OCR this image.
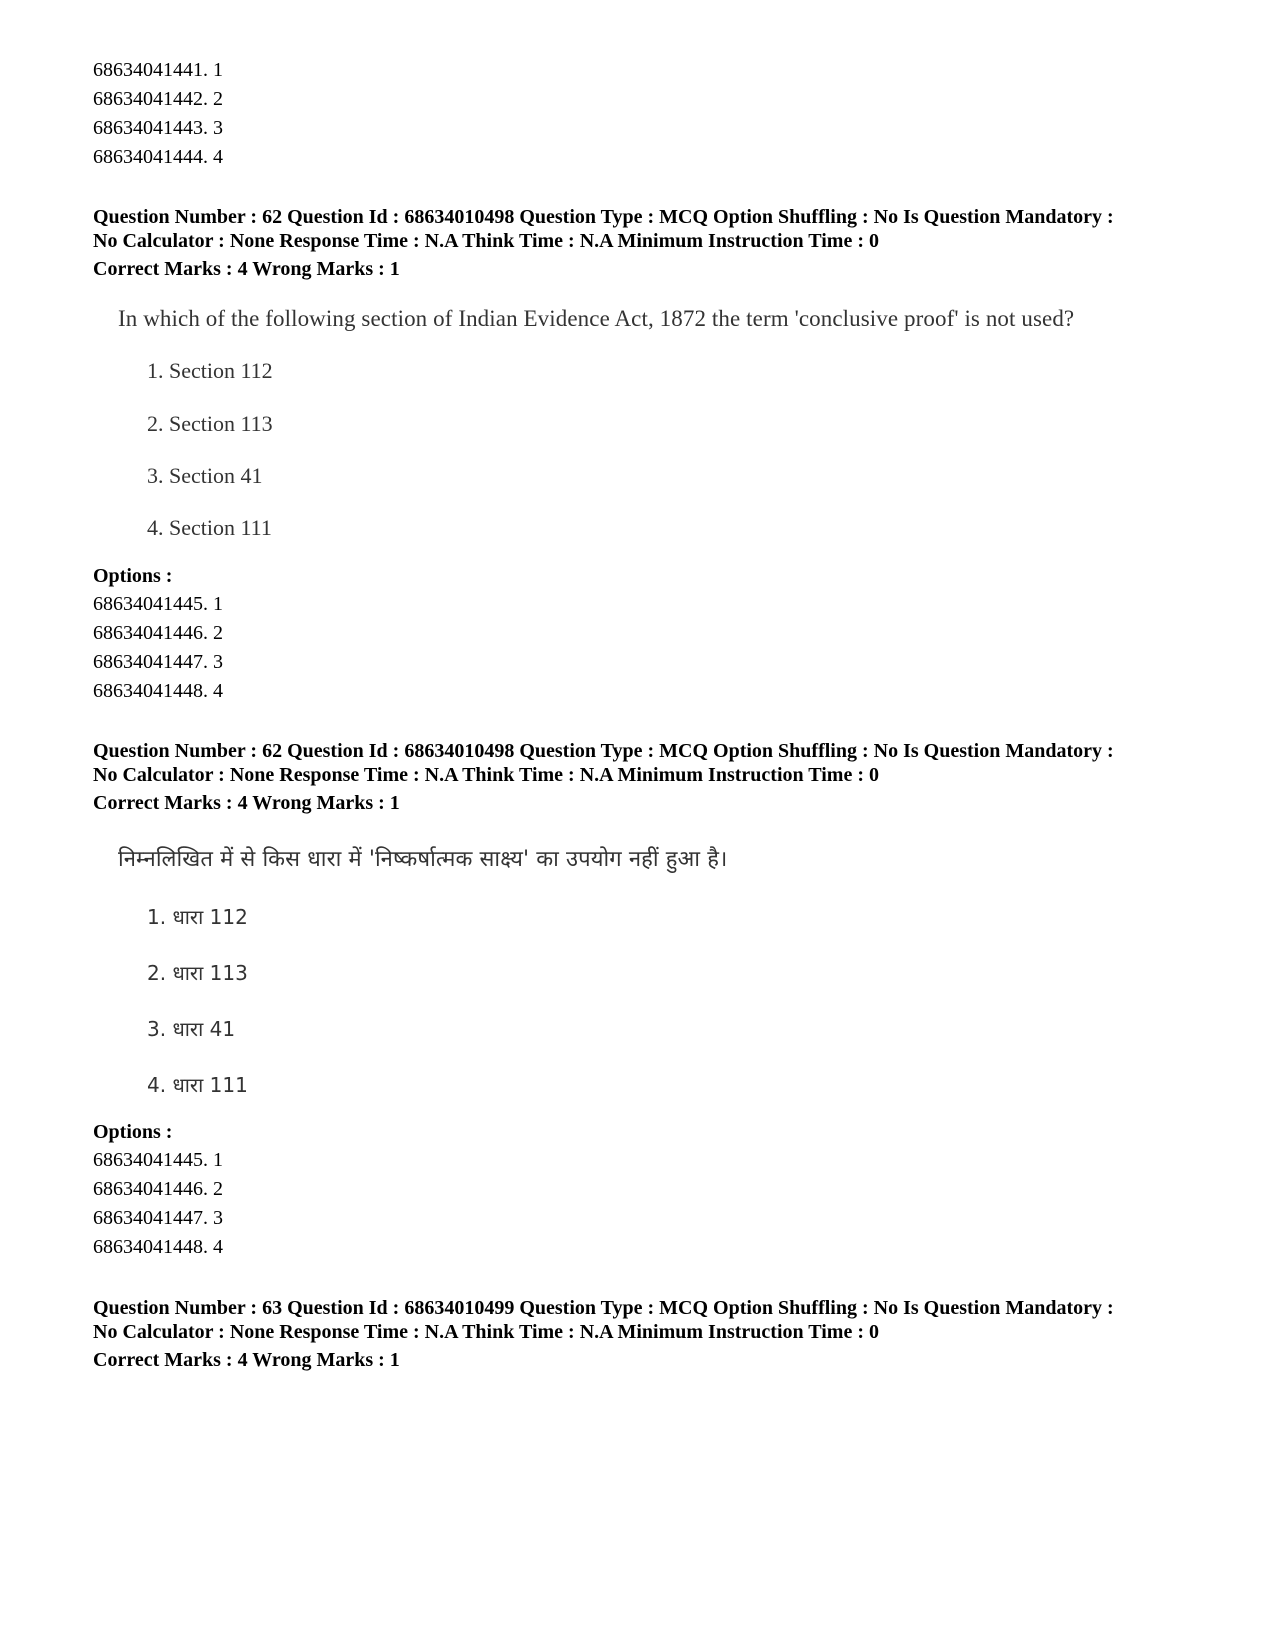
68634041441. 1
68634041442. 2
68634041443. 3
68634041444. 4
Question Number : 62 Question Id : 68634010498 Question Type : MCQ Option Shuffling : No Is Question Mandatory :
No Calculator : None Response Time : N.A Think Time : N.A Minimum Instruction Time : 0
Correct Marks : 4 Wrong Marks : 1
In which of the following section of Indian Evidence Act, 1872 the term 'conclusive proof' is not used?
1. Section 112
2. Section 113
3. Section 41
4. Section 111
Options :
68634041445. 1
68634041446. 2
68634041447. 3
68634041448. 4
Question Number : 62 Question Id : 68634010498 Question Type : MCQ Option Shuffling : No Is Question Mandatory :
No Calculator : None Response Time : N.A Think Time : N.A Minimum Instruction Time : 0
Correct Marks : 4 Wrong Marks : 1
निम्नलिखित में से किस धारा में 'निष्कर्षात्मक साक्ष्य' का उपयोग नहीं हुआ है।
1. धारा 112
2. धारा 113
3. धारा 41
4. धारा 111
Options :
68634041445. 1
68634041446. 2
68634041447. 3
68634041448. 4
Question Number : 63 Question Id : 68634010499 Question Type : MCQ Option Shuffling : No Is Question Mandatory :
No Calculator : None Response Time : N.A Think Time : N.A Minimum Instruction Time : 0
Correct Marks : 4 Wrong Marks : 1
